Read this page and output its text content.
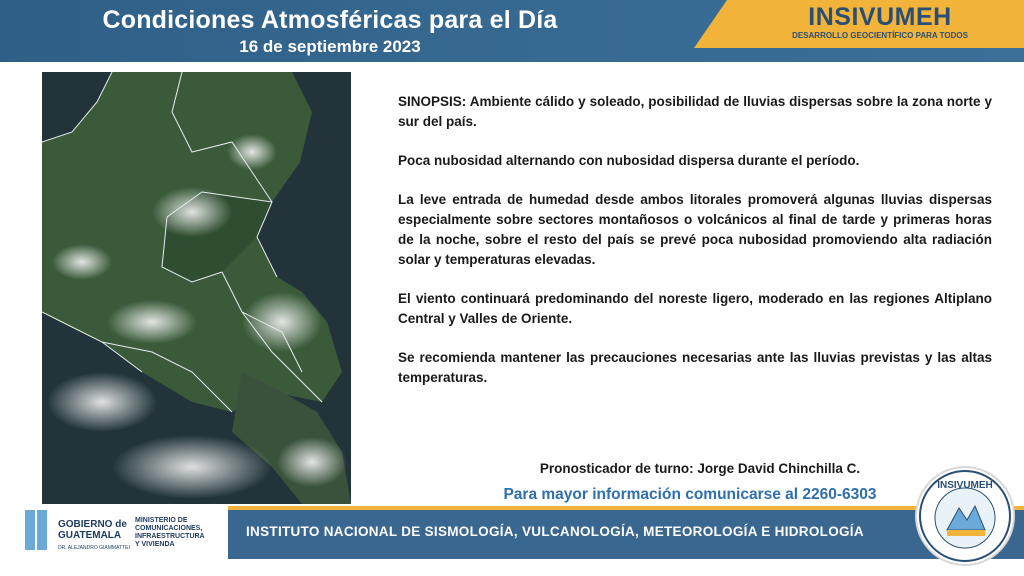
Condiciones Atmosféricas para el Día
16 de septiembre 2023
INSIVUMEH
DESARROLLO GEOCIENTÍFICO PARA TODOS

SINOPSIS: Ambiente cálido y soleado, posibilidad de lluvias dispersas sobre la zona norte y sur del país.

Poca nubosidad alternando con nubosidad dispersa durante el período.

La leve entrada de humedad desde ambos litorales promoverá algunas lluvias dispersas especialmente sobre sectores montañosos o volcánicos al final de tarde y primeras horas de la noche, sobre el resto del país se prevé poca nubosidad promoviendo alta radiación solar y temperaturas elevadas.

El viento continuará predominando del noreste ligero, moderado en las regiones Altiplano Central y Valles de Oriente.

Se recomienda mantener las precauciones necesarias ante las lluvias previstas y las altas temperaturas.

Pronosticador de turno: Jorge David Chinchilla C.
Para mayor información comunicarse al 2260-6303
GOBIERNO de
GUATEMALA
DR. ALEJANDRO GIAMMATTEI
MINISTERIO DE
COMUNICACIONES,
INFRAESTRUCTURA
Y VIVIENDA
INSTITUTO NACIONAL DE SISMOLOGÍA, VULCANOLOGÍA, METEOROLOGÍA E HIDROLOGÍA
INSIVUMEH
